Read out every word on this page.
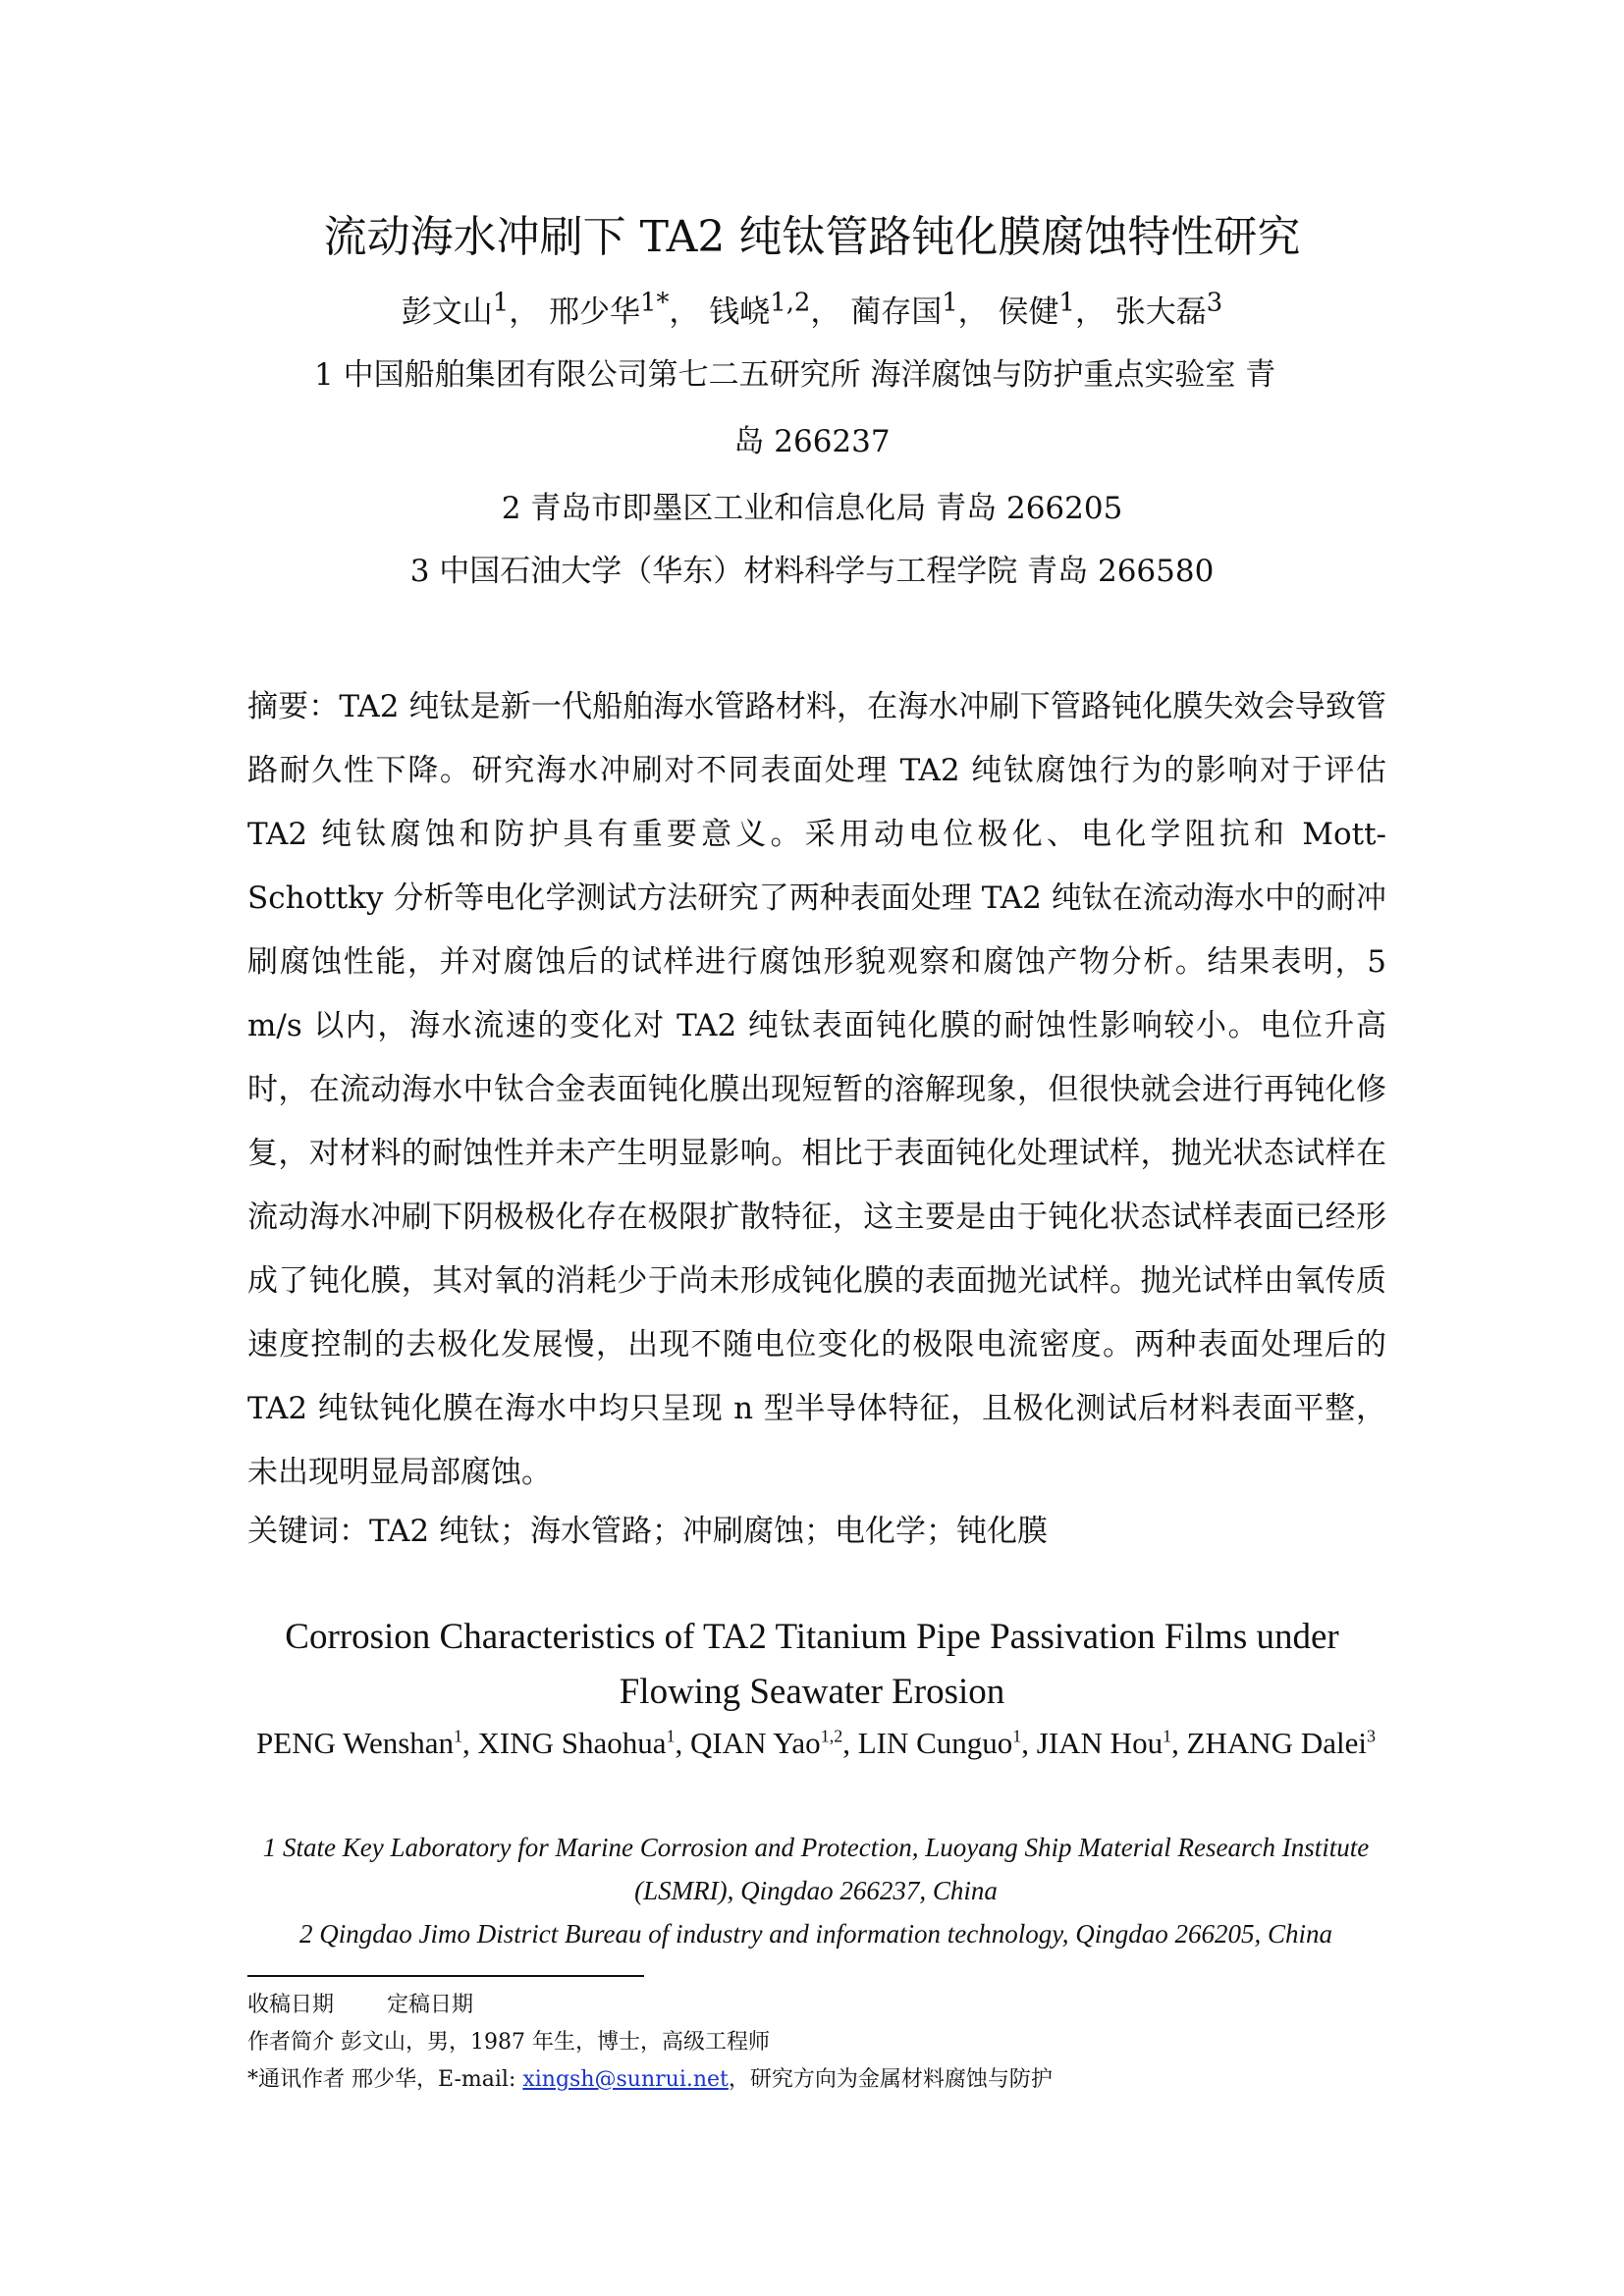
流动海水冲刷下 TA2 纯钛管路钝化膜腐蚀特性研究
彭文山$^1$， 邢少华$^{1*}$， 钱峣$^{1,2}$， 蔺存国$^1$， 侯健$^1$， 张大磊$^3$
1 中国船舶集团有限公司第七二五研究所 海洋腐蚀与防护重点实验室 青
岛 266237
2 青岛市即墨区工业和信息化局 青岛 266205
3 中国石油大学（华东）材料科学与工程学院 青岛 266580
摘要：TA2 纯钛是新一代船舶海水管路材料，在海水冲刷下管路钝化膜失效会导致管路耐久性下降。研究海水冲刷对不同表面处理 TA2 纯钛腐蚀行为的影响对于评估 TA2 纯钛腐蚀和防护具有重要意义。采用动电位极化、电化学阻抗和 Mott-Schottky 分析等电化学测试方法研究了两种表面处理 TA2 纯钛在流动海水中的耐冲刷腐蚀性能，并对腐蚀后的试样进行腐蚀形貌观察和腐蚀产物分析。结果表明，5 m/s 以内，海水流速的变化对 TA2 纯钛表面钝化膜的耐蚀性影响较小。电位升高时，在流动海水中钛合金表面钝化膜出现短暂的溶解现象，但很快就会进行再钝化修复，对材料的耐蚀性并未产生明显影响。相比于表面钝化处理试样，抛光状态试样在流动海水冲刷下阴极极化存在极限扩散特征，这主要是由于钝化状态试样表面已经形成了钝化膜，其对氧的消耗少于尚未形成钝化膜的表面抛光试样。抛光试样由氧传质速度控制的去极化发展慢，出现不随电位变化的极限电流密度。两种表面处理后的 TA2 纯钛钝化膜在海水中均只呈现 n 型半导体特征，且极化测试后材料表面平整，未出现明显局部腐蚀。
关键词：TA2 纯钛；海水管路；冲刷腐蚀；电化学；钝化膜
Corrosion Characteristics of TA2 Titanium Pipe Passivation Films under
Flowing Seawater Erosion
PENG Wenshan$^1$, XING Shaohua$^1$, QIAN Yao$^{1,2}$, LIN Cunguo$^1$, JIAN Hou$^1$, ZHANG Dalei$^3$
1 State Key Laboratory for Marine Corrosion and Protection, Luoyang Ship Material Research Institute (LSMRI), Qingdao 266237, China
2 Qingdao Jimo District Bureau of industry and information technology, Qingdao 266205, China
收稿日期 定稿日期
作者简介 彭文山，男，1987 年生，博士，高级工程师
*通讯作者 邢少华，E-mail: xingsh@sunrui.net，研究方向为金属材料腐蚀与防护
